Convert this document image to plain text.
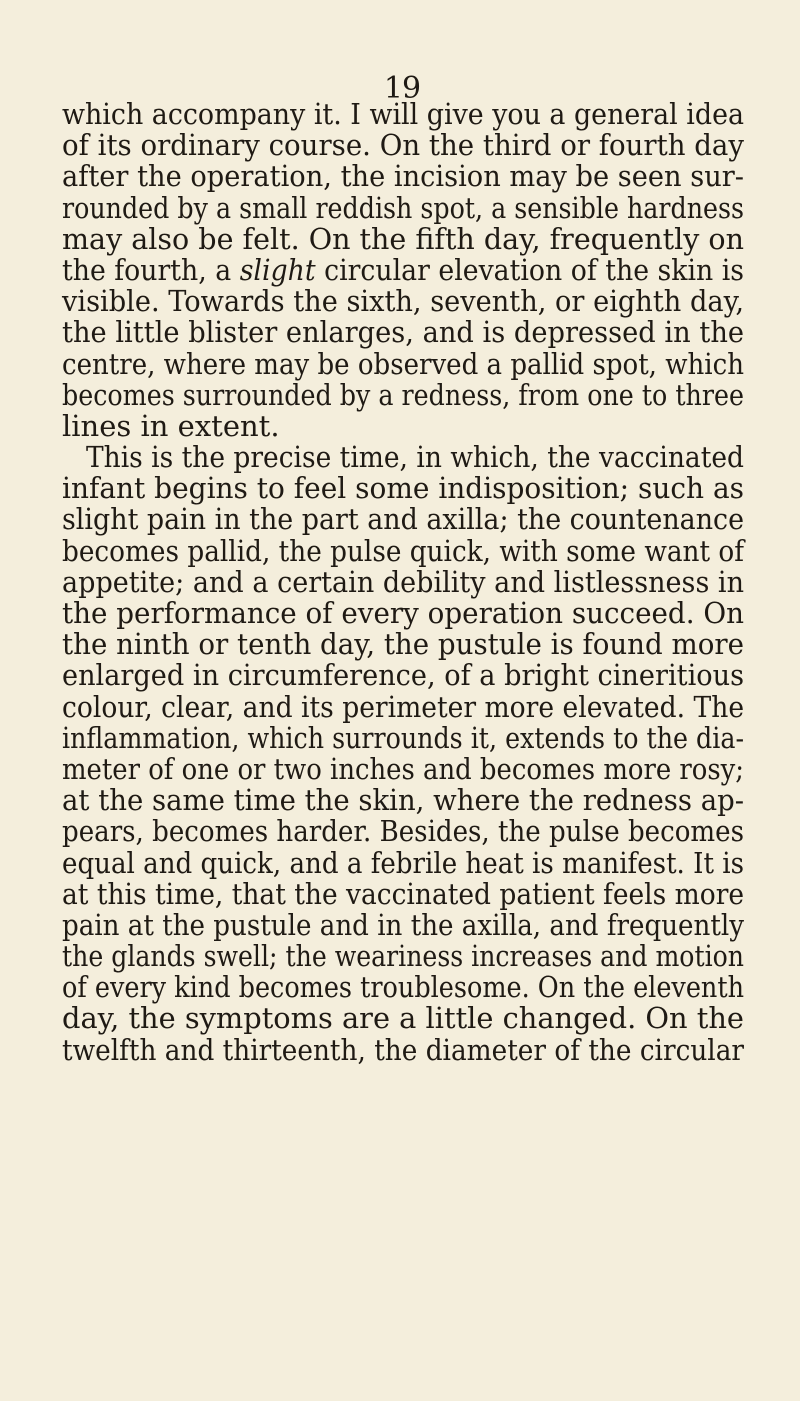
19
which accompany it. I will give you a general idea
of its ordinary course. On the third or fourth day
after the operation, the incision may be seen sur-
rounded by a small reddish spot, a sensible hardness
may also be felt. On the fifth day, frequently on
the fourth, a slight circular elevation of the skin is
visible. Towards the sixth, seventh, or eighth day,
the little blister enlarges, and is depressed in the
centre, where may be observed a pallid spot, which
becomes surrounded by a redness, from one to three
lines in extent.
This is the precise time, in which, the vaccinated
infant begins to feel some indisposition; such as
slight pain in the part and axilla; the countenance
becomes pallid, the pulse quick, with some want of
appetite; and a certain debility and listlessness in
the performance of every operation succeed. On
the ninth or tenth day, the pustule is found more
enlarged in circumference, of a bright cineritious
colour, clear, and its perimeter more elevated. The
inflammation, which surrounds it, extends to the dia-
meter of one or two inches and becomes more rosy;
at the same time the skin, where the redness ap-
pears, becomes harder. Besides, the pulse becomes
equal and quick, and a febrile heat is manifest. It is
at this time, that the vaccinated patient feels more
pain at the pustule and in the axilla, and frequently
the glands swell; the weariness increases and motion
of every kind becomes troublesome. On the eleventh
day, the symptoms are a little changed. On the
twelfth and thirteenth, the diameter of the circular
